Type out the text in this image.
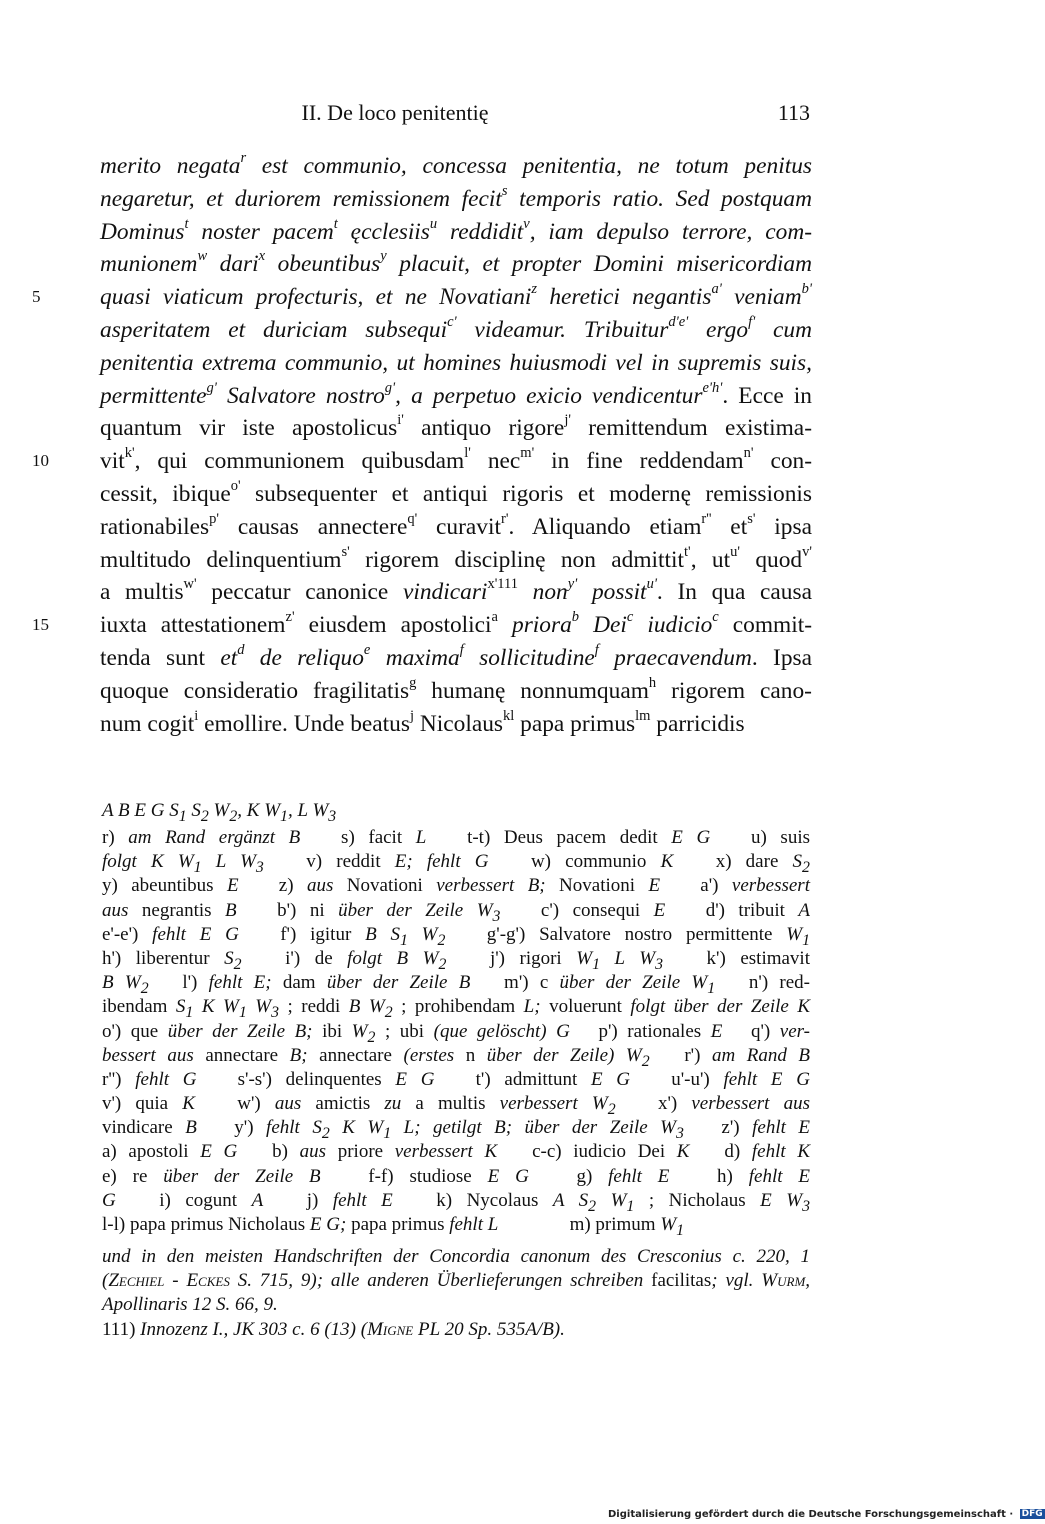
II. De loco penitentię	113
merito negata$^r$ est communio, concessa penitentia, ne totum penitus
negaretur, et duriorem remissionem fecit$^s$ temporis ratio. Sed postquam
Dominus$^t$ noster pacem$^t$ ęcclesiis$^u$ reddidit$^v$, iam depulso terrore, com-
munionem$^w$ dari$^x$ obeuntibus$^y$ placuit, et propter Domini misericordiam
5	quasi viaticum profecturis, et ne Novatiani$^z$ heretici negantis$^{a'}$ veniam$^{b'}$
asperitatem et duriciam subsequi$^{c'}$ videamur. Tribuitur$^{d'e'}$ ergo$^{f'}$ cum
penitentia extrema communio, ut homines huiusmodi vel in supremis suis,
permittente$^{g'}$ Salvatore nostro$^{g'}$, a perpetuo exicio vendicentur$^{e'h'}$. Ecce in
quantum vir iste apostolicus$^{i'}$ antiquo rigore$^{j'}$ remittendum existima-
10	vit$^{k'}$, qui communionem quibusdam$^{l'}$ nec$^{m'}$ in fine reddendam$^{n'}$ con-
cessit, ibique$^{o'}$ subsequenter et antiqui rigoris et modernę remissionis
rationabiles$^{p'}$ causas annectere$^{q'}$ curavit$^{r'}$. Aliquando etiam$^{r''}$ $et^{s'}$ ipsa
multitudo delinquentium$^{s'}$ rigorem disciplinę non admittit$^{t'}$, $ut^{u'}$ quod$^{v'}$
a multis$^{w'}$ peccatur canonice vindicari$^{x'111}$ non$^{y'}$ possit$^{u'}$. In qua causa
15	iuxta attestationem$^{z'}$ eiusdem apostolici$^a$ priora$^b$ Dei$^c$ iudicio$^c$ commit-
tenda sunt $et^d$ de reliquo$^e$ maxima$^f$ sollicitudine$^f$ praecavendum. Ipsa
quoque consideratio fragilitatis$^g$ humanę nonnumquam$^h$ rigorem cano-
num cogit$^i$ emollire. Unde beatus$^j$ Nicolaus$^{kl}$ papa primus$^{lm}$ parricidis
A B E G $S_1$ $S_2$ $W_2$, K $W_1$, L $W_3$
r) am Rand ergänzt B   s) facit L   t-t) Deus pacem dedit E G   u) suis
folgt K $W_1$ L $W_3$   v) reddit E; fehlt G   w) communio K   x) dare $S_2$
y) abeuntibus E   z) aus Novationi verbessert B; Novationi E   a') verbessert
aus negrantis B   b') ni über der Zeile $W_3$   c') consequi E   d') tribuit A
e'-e') fehlt E G   f') igitur B $S_1$ $W_2$   g'-g') Salvatore nostro permittente $W_1$
h') liberentur $S_2$   i') de folgt B $W_2$   j') rigori $W_1$ L $W_3$   k') estimavit
B $W_2$   l') fehlt E; dam über der Zeile B   m') c über der Zeile $W_1$   n') red-
ibendam $S_1$ K $W_1$ $W_3$ ; reddi B $W_2$ ; prohibendam L; voluerunt folgt über der Zeile K
o') que über der Zeile B; ibi $W_2$ ; ubi (que gelöscht) G   p') rationales E   q') ver-
bessert aus annectare B; annectare (erstes n über der Zeile) $W_2$   r') am Rand B
r'') fehlt G   s'-s') delinquentes E G   t') admittunt E G   u'-u') fehlt E G
v') quia K   w') aus amictis zu a multis verbessert $W_2$   x') verbessert aus
vindicare B   y') fehlt $S_2$ K $W_1$ L; getilgt B; über der Zeile $W_3$   z') fehlt E
a) apostoli E G   b) aus priore verbessert K   c-c) iudicio Dei K   d) fehlt K
e) re über der Zeile B   f-f) studiose E G   g) fehlt E   h) fehlt E
G   i) cogunt A   j) fehlt E   k) Nycolaus A $S_2$ $W_1$ ; Nicholaus E $W_3$
l-l) papa primus Nicholaus E G; papa primus fehlt L               m) primum $W_1$
und in den meisten Handschriften der Concordia canonum des Cresconius c. 220, 1
(Zechiel - Eckes S. 715, 9); alle anderen Überlieferungen schreiben facilitas; vgl. Wurm,
Apollinaris 12 S. 66, 9.
111) Innozenz I., JK 303 c. 6 (13) (Migne PL 20 Sp. 535A/B).
Digitalisierung gefördert durch die Deutsche Forschungsgemeinschaft · DFG
